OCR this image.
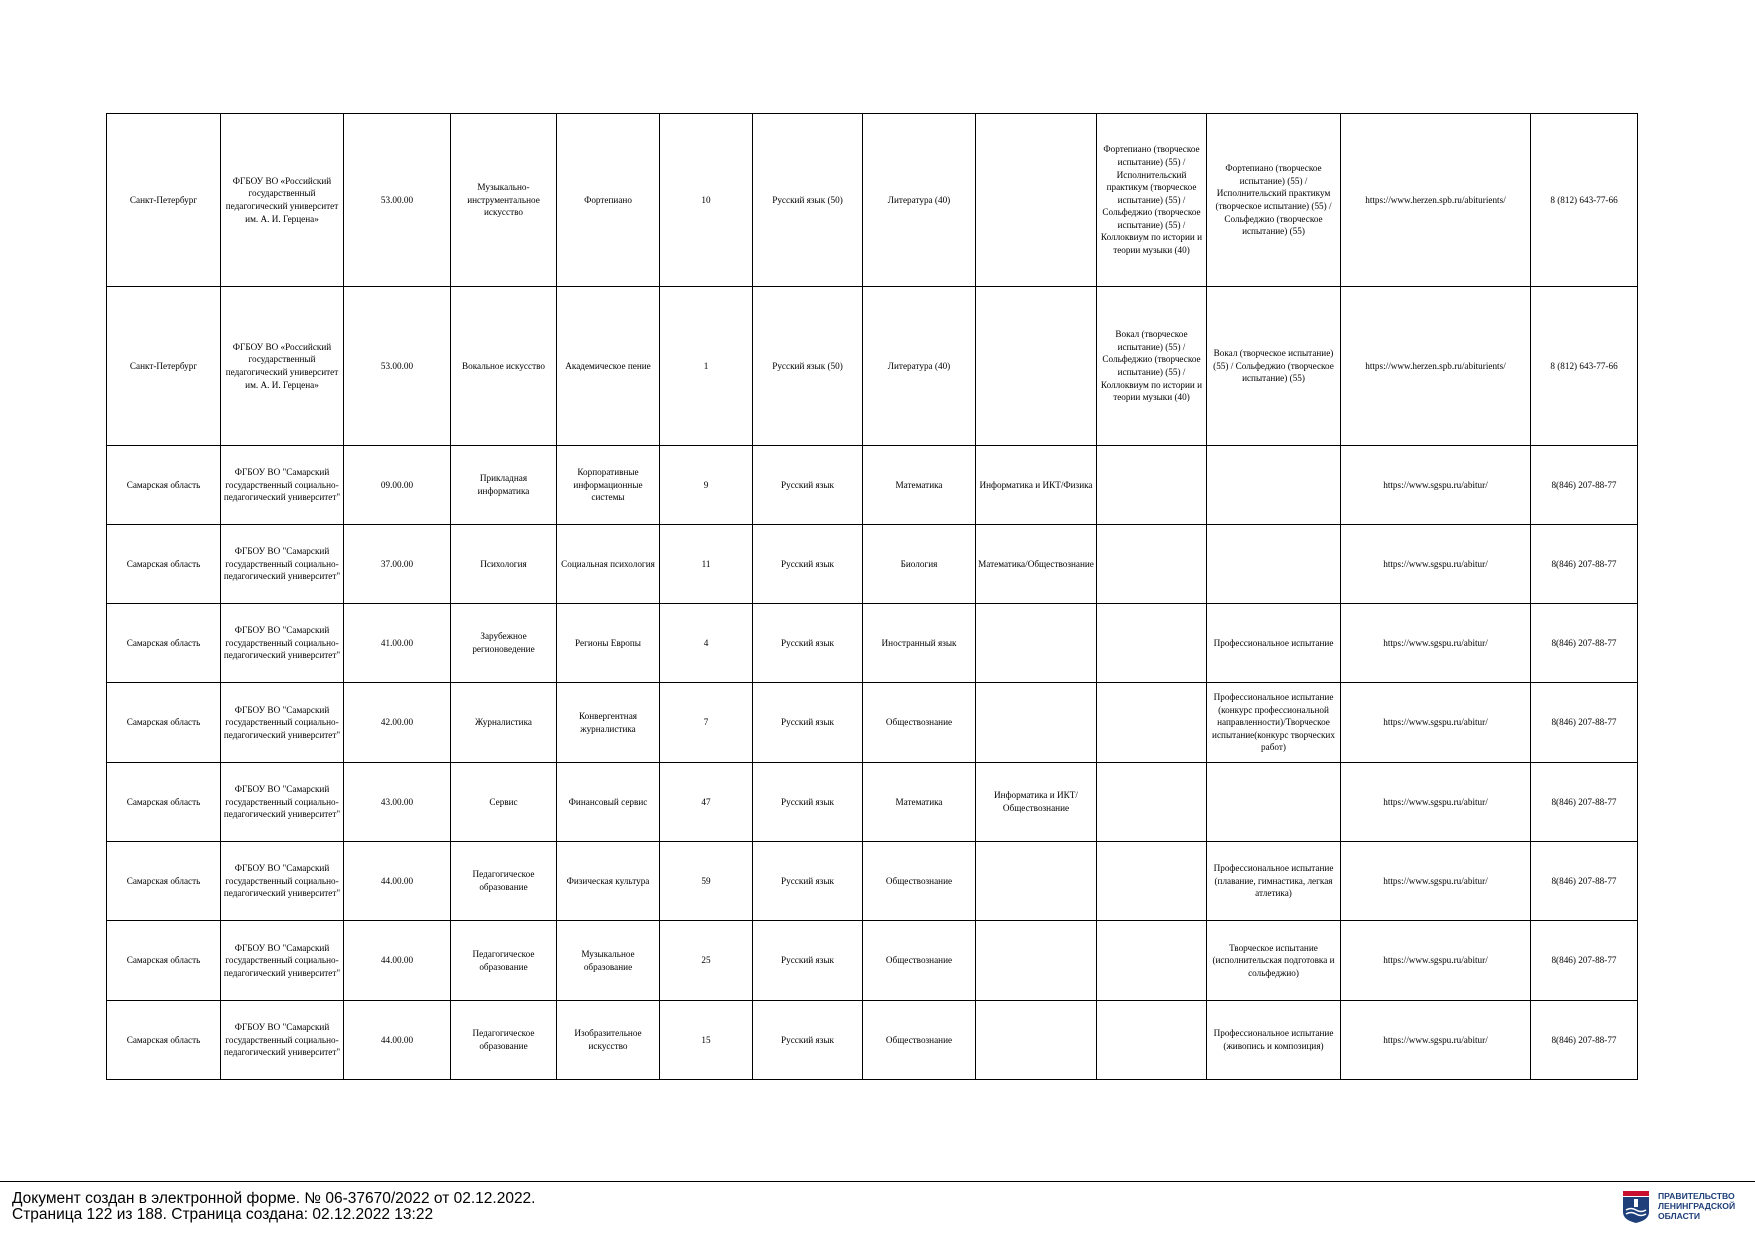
Санкт-Петербург	ФГБОУ ВО «Российский государственный педагогический университет им. А. И. Герцена»	53.00.00	Музыкально-инструментальное искусство	Фортепиано	10	Русский язык (50)	Литература (40)		Фортепиано (творческое испытание) (55) / Исполнительский практикум (творческое испытание) (55) / Сольфеджио (творческое испытание) (55) / Коллоквиум по истории и теории музыки (40)	Фортепиано (творческое испытание) (55) / Исполнительский практикум (творческое испытание) (55) / Сольфеджио (творческое испытание) (55)	https://www.herzen.spb.ru/abiturients/	8 (812) 643-77-66
Санкт-Петербург	ФГБОУ ВО «Российский государственный педагогический университет им. А. И. Герцена»	53.00.00	Вокальное искусство	Академическое пение	1	Русский язык (50)	Литература (40)		Вокал (творческое испытание) (55) / Сольфеджио (творческое испытание) (55) / Коллоквиум по истории и теории музыки (40)	Вокал (творческое испытание) (55) / Сольфеджио (творческое испытание) (55)	https://www.herzen.spb.ru/abiturients/	8 (812) 643-77-66
Самарская область	ФГБОУ ВО "Самарский государственный социально-педагогический университет"	09.00.00	Прикладная информатика	Корпоративные информационные системы	9	Русский язык	Математика	Информатика и ИКТ/Физика			https://www.sgspu.ru/abitur/	8(846) 207-88-77
Самарская область	ФГБОУ ВО "Самарский государственный социально-педагогический университет"	37.00.00	Психология	Социальная психология	11	Русский язык	Биология	Математика/Обществознание			https://www.sgspu.ru/abitur/	8(846) 207-88-77
Самарская область	ФГБОУ ВО "Самарский государственный социально-педагогический университет"	41.00.00	Зарубежное регионоведение	Регионы Европы	4	Русский язык	Иностранный язык			Профессиональное испытание	https://www.sgspu.ru/abitur/	8(846) 207-88-77
Самарская область	ФГБОУ ВО "Самарский государственный социально-педагогический университет"	42.00.00	Журналистика	Конвергентная журналистика	7	Русский язык	Обществознание			Профессиональное испытание (конкурс профессиональной направленности)/Творческое испытание(конкурс творческих работ)	https://www.sgspu.ru/abitur/	8(846) 207-88-77
Самарская область	ФГБОУ ВО "Самарский государственный социально-педагогический университет"	43.00.00	Сервис	Финансовый сервис	47	Русский язык	Математика	Информатика и ИКТ/Обществознание			https://www.sgspu.ru/abitur/	8(846) 207-88-77
Самарская область	ФГБОУ ВО "Самарский государственный социально-педагогический университет"	44.00.00	Педагогическое образование	Физическая культура	59	Русский язык	Обществознание			Профессиональное испытание (плавание, гимнастика, легкая атлетика)	https://www.sgspu.ru/abitur/	8(846) 207-88-77
Самарская область	ФГБОУ ВО "Самарский государственный социально-педагогический университет"	44.00.00	Педагогическое образование	Музыкальное образование	25	Русский язык	Обществознание			Творческое испытание (исполнительская подготовка и сольфеджио)	https://www.sgspu.ru/abitur/	8(846) 207-88-77
Самарская область	ФГБОУ ВО "Самарский государственный социально-педагогический университет"	44.00.00	Педагогическое образование	Изобразительное искусство	15	Русский язык	Обществознание			Профессиональное испытание (живопись и композиция)	https://www.sgspu.ru/abitur/	8(846) 207-88-77
Документ создан в электронной форме. № 06-37670/2022 от 02.12.2022.
Страница 122 из 188. Страница создана: 02.12.2022 13:22
ПРАВИТЕЛЬСТВО
ЛЕНИНГРАДСКОЙ
ОБЛАСТИ
